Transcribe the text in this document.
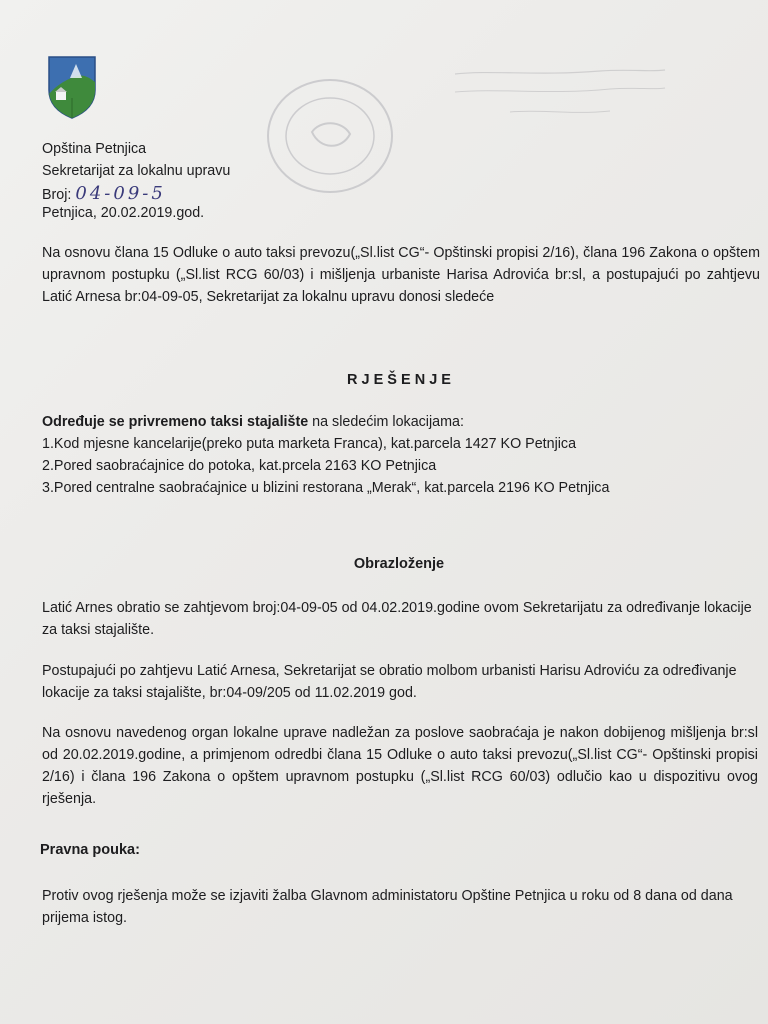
Opština Petnjica
Sekretarijat za lokalnu upravu
Broj: 04-09-5
Petnjica, 20.02.2019.god.
Na osnovu člana 15 Odluke o auto taksi prevozu(„Sl.list CG“- Opštinski propisi 2/16), člana 196 Zakona o opštem upravnom postupku („Sl.list RCG 60/03) i mišljenja urbaniste Harisa Adrovića br:sl, a postupajući po zahtjevu Latić Arnesa br:04-09-05, Sekretarijat za lokalnu upravu donosi sledeće
R J E Š E N J E
Određuje se privremeno taksi stajalište na sledećim lokacijama:
1.Kod mjesne kancelarije(preko puta marketa Franca), kat.parcela 1427 KO Petnjica
2.Pored saobraćajnice do potoka, kat.prcela 2163 KO Petnjica
3.Pored centralne saobraćajnice u blizini restorana „Merak“, kat.parcela 2196 KO Petnjica
Obrazloženje
Latić Arnes obratio se zahtjevom broj:04-09-05 od 04.02.2019.godine ovom Sekretarijatu za određivanje lokacije za taksi stajalište.
Postupajući po zahtjevu Latić Arnesa, Sekretarijat se obratio molbom urbanisti Harisu Adroviću za određivanje lokacije za taksi stajalište, br:04-09/205 od 11.02.2019 god.
Na osnovu navedenog organ lokalne uprave nadležan za poslove saobraćaja je nakon dobijenog mišljenja br:sl od 20.02.2019.godine, a primjenom odredbi člana 15 Odluke o auto taksi prevozu(„Sl.list CG“- Opštinski propisi 2/16) i člana 196 Zakona o opštem upravnom postupku („Sl.list RCG 60/03) odlučio kao u dispozitivu ovog rješenja.
Pravna pouka:
Protiv ovog rješenja može se izjaviti žalba Glavnom administatoru Opštine Petnjica u roku od 8 dana od dana prijema istog.
